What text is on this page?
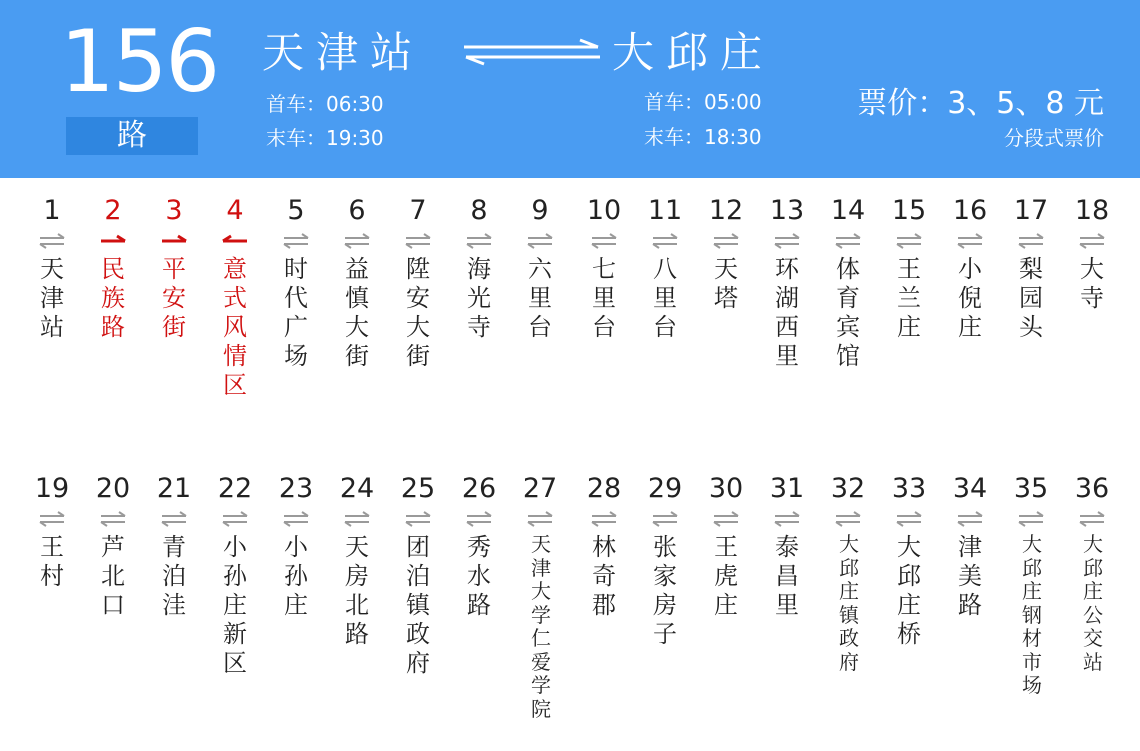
156
路
天津站	大邱庄
首车：06:30
末车：19:30
首车：05:00
末车：18:30
票价：3、5、8 元
分段式票价
1
天津站
2
民族路
3
平安街
4
意式风情区
5
时代广场
6
益慎大街
7
陞安大街
8
海光寺
9
六里台
10
七里台
11
八里台
12
天塔
13
环湖西里
14
体育宾馆
15
王兰庄
16
小倪庄
17
梨园头
18
大寺
19
王村
20
芦北口
21
青泊洼
22
小孙庄新区
23
小孙庄
24
天房北路
25
团泊镇政府
26
秀水路
27
天津大学仁爱学院
28
林奇郡
29
张家房子
30
王虎庄
31
泰昌里
32
大邱庄镇政府
33
大邱庄桥
34
津美路
35
大邱庄钢材市场
36
大邱庄公交站
